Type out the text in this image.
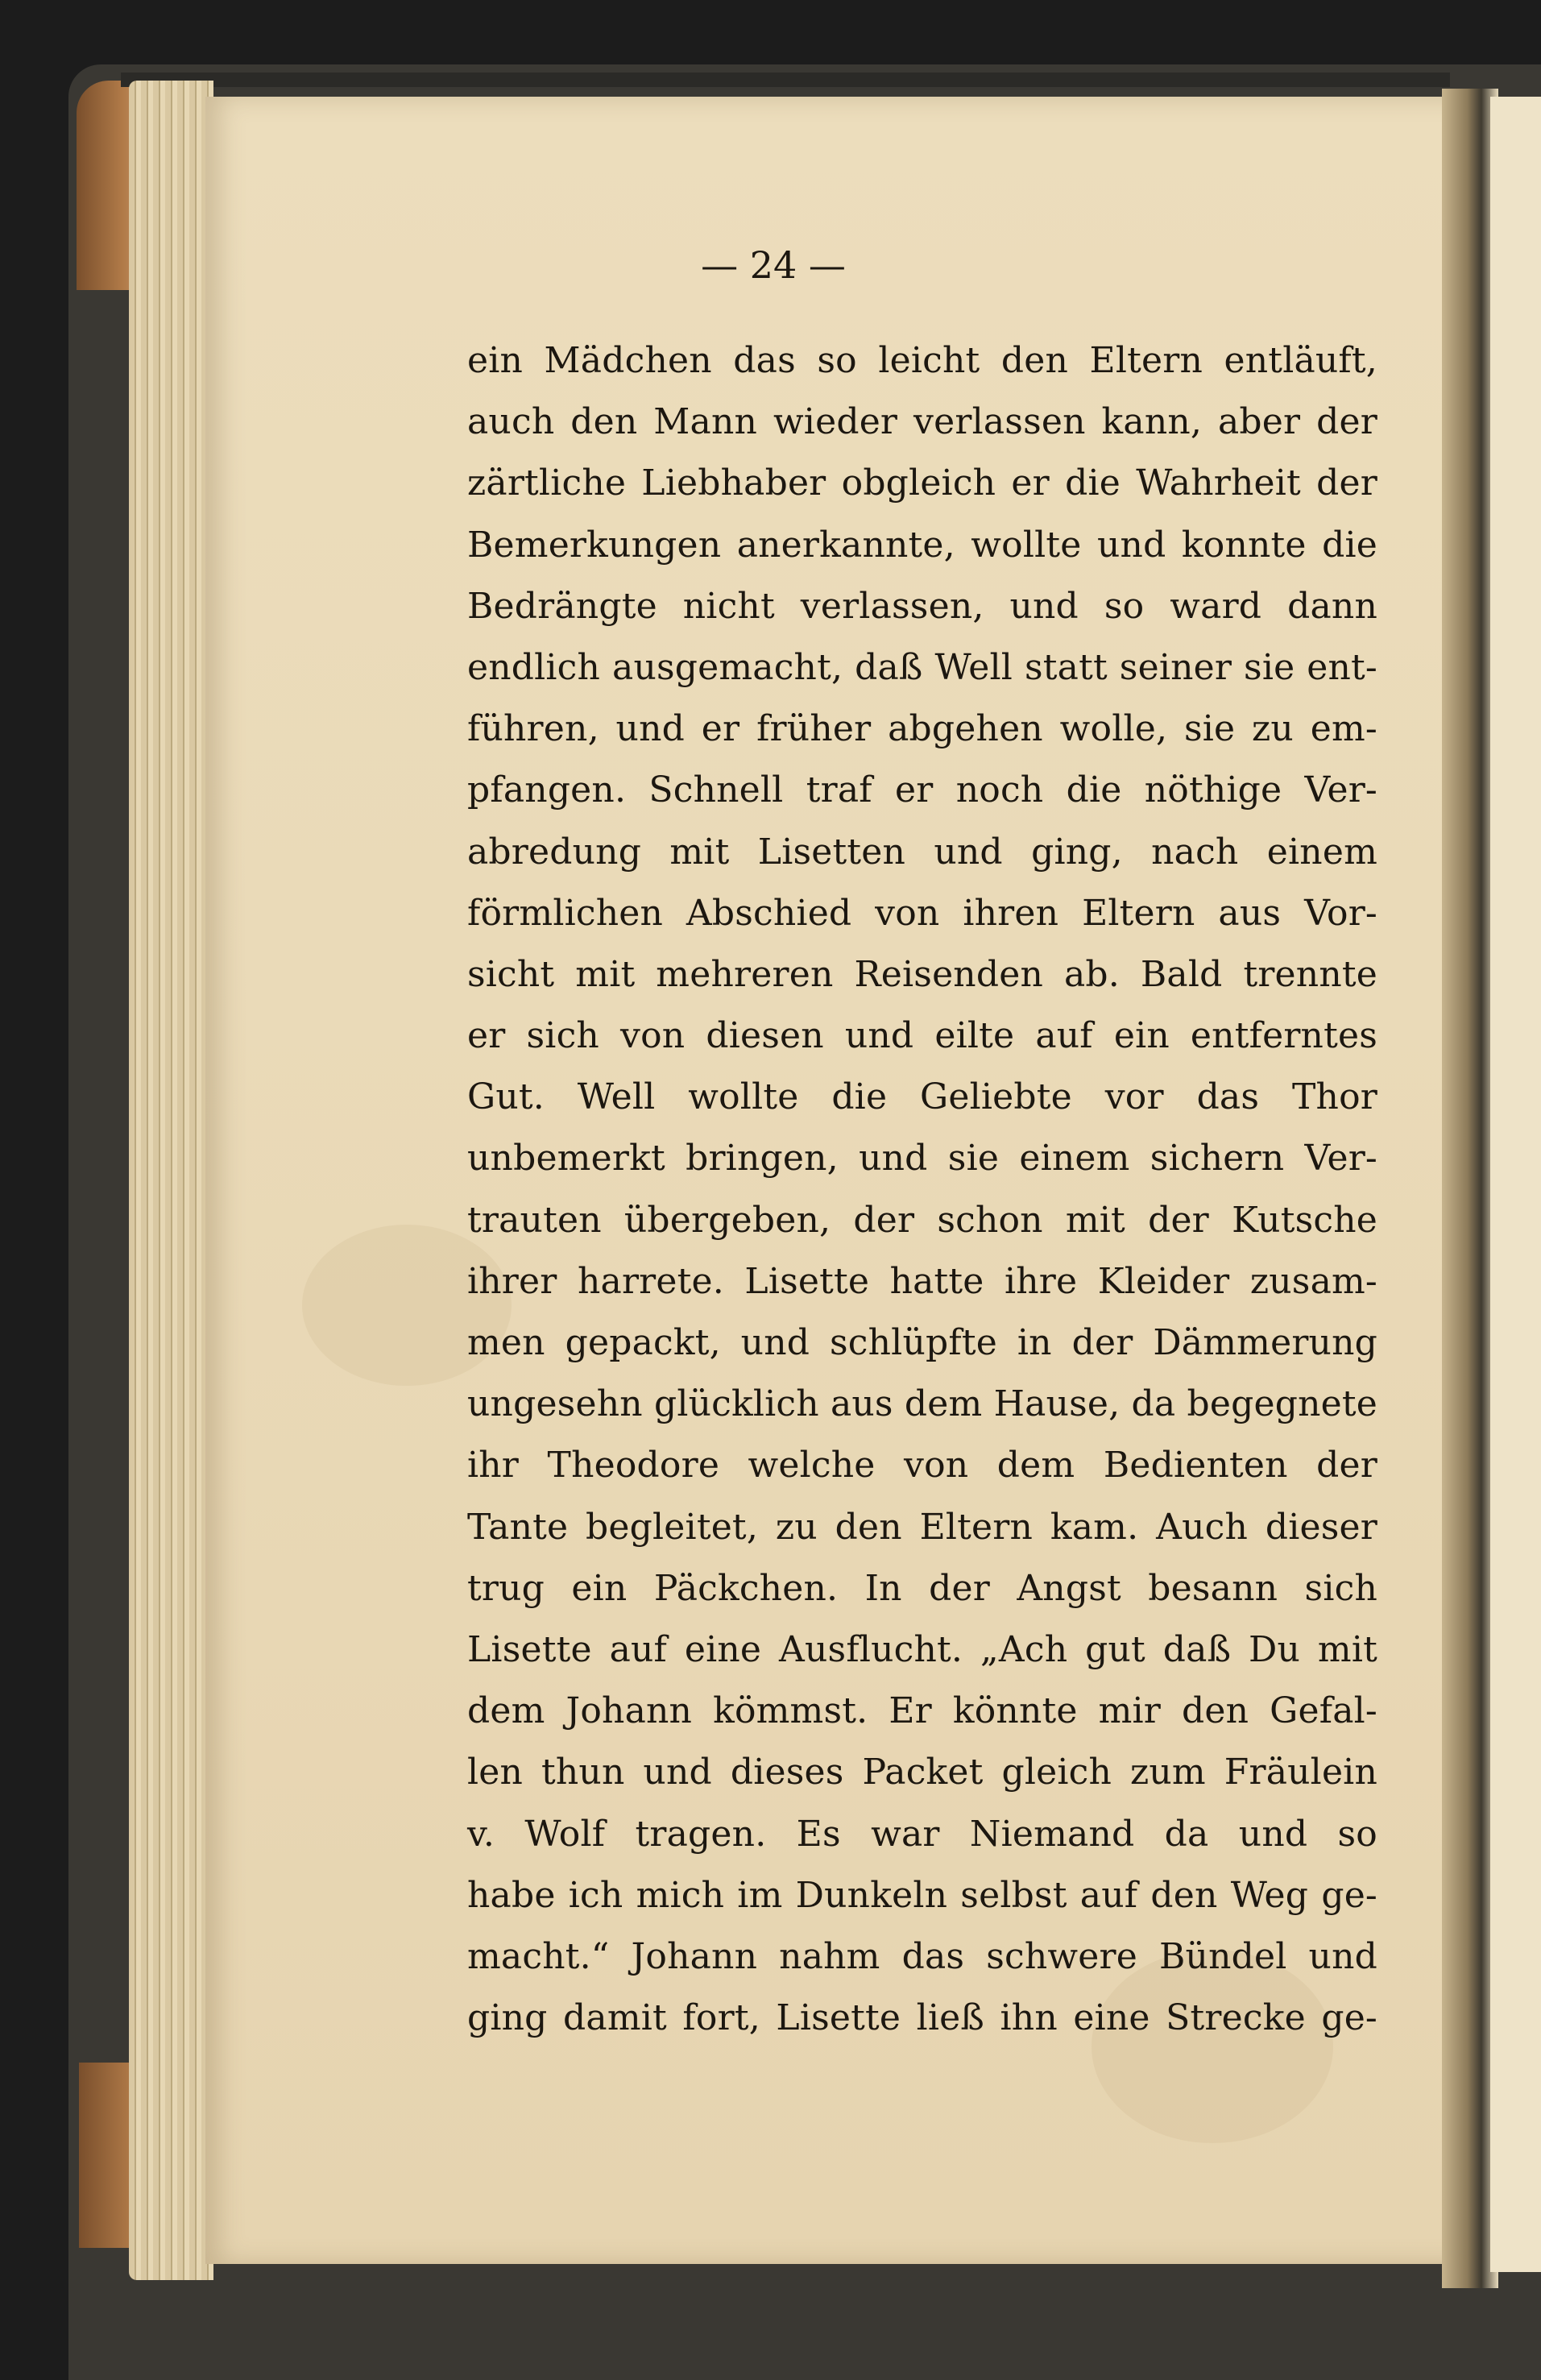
— 24 —
ein Mädchen das so leicht den Eltern entläuft,
auch den Mann wieder verlassen kann, aber der
zärtliche Liebhaber obgleich er die Wahrheit der
Bemerkungen anerkannte, wollte und konnte die
Bedrängte nicht verlassen, und so ward dann
endlich ausgemacht, daß Well statt seiner sie ent-
führen, und er früher abgehen wolle, sie zu em-
pfangen. Schnell traf er noch die nöthige Ver-
abredung mit Lisetten und ging, nach einem
förmlichen Abschied von ihren Eltern aus Vor-
sicht mit mehreren Reisenden ab. Bald trennte
er sich von diesen und eilte auf ein entferntes
Gut. Well wollte die Geliebte vor das Thor
unbemerkt bringen, und sie einem sichern Ver-
trauten übergeben, der schon mit der Kutsche
ihrer harrete. Lisette hatte ihre Kleider zusam-
men gepackt, und schlüpfte in der Dämmerung
ungesehn glücklich aus dem Hause, da begegnete
ihr Theodore welche von dem Bedienten der
Tante begleitet, zu den Eltern kam. Auch dieser
trug ein Päckchen. In der Angst besann sich
Lisette auf eine Ausflucht. „Ach gut daß Du mit
dem Johann kömmst. Er könnte mir den Gefal-
len thun und dieses Packet gleich zum Fräulein
v. Wolf tragen. Es war Niemand da und so
habe ich mich im Dunkeln selbst auf den Weg ge-
macht.“ Johann nahm das schwere Bündel und
ging damit fort, Lisette ließ ihn eine Strecke ge-
